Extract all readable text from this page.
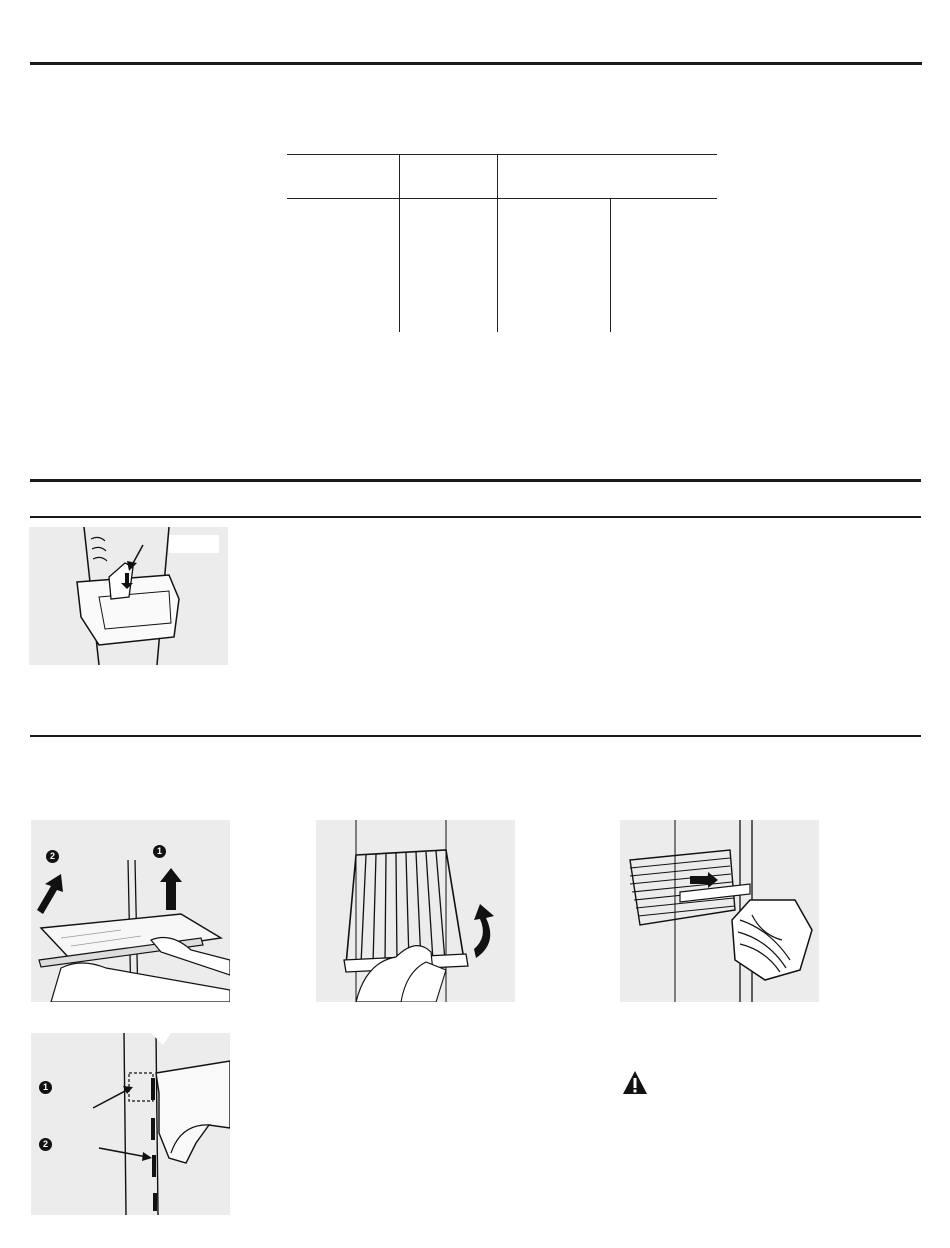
2	1
1
2
